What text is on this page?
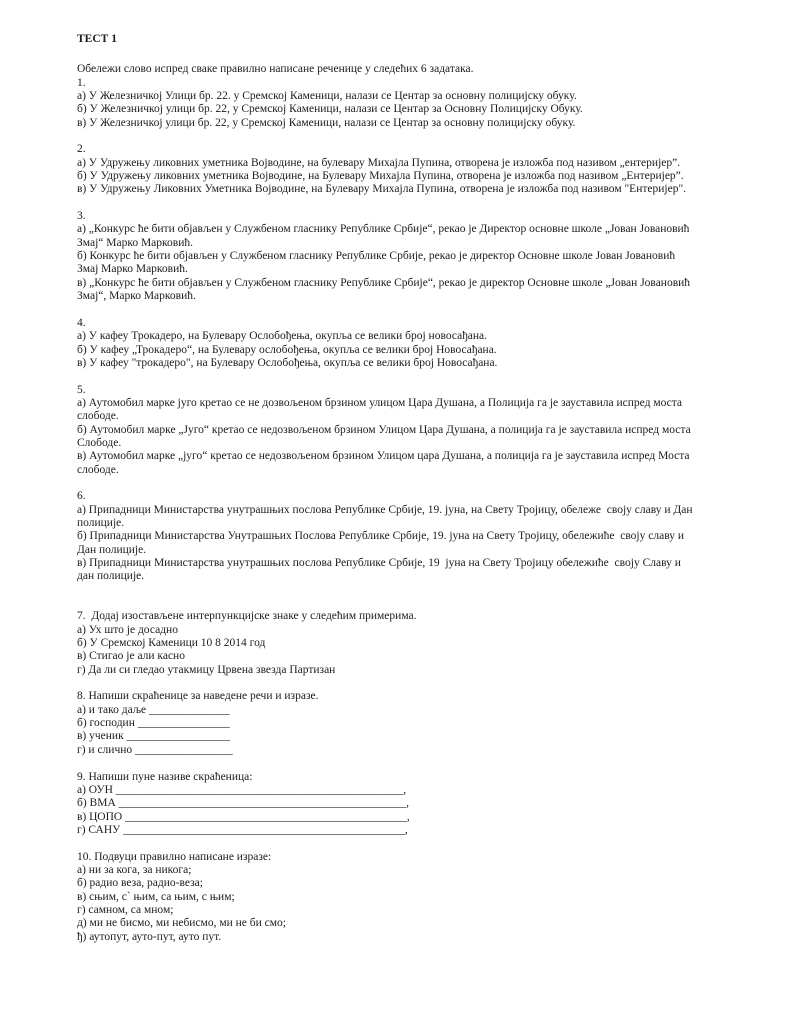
ТЕСТ 1
Обележи слово испред сваке правилно написане реченице у следећих 6 задатака.
1.
а) У Железничкој Улици бр. 22. у Сремској Каменици, налази се Центар за основну полицијску обуку.
б) У Железничкој улици бр. 22, у Сремској Каменици, налази се Центар за Основну Полицијску Обуку.
в) У Железничкој улици бр. 22, у Сремској Каменици, налази се Центар за основну полицијску обуку.
2.
а) У Удружењу ликовних уметника Војводине, на булевару Михајла Пупина, отворена је изложба под називом „ентеријер”.
б) У Удружењу ликовних уметника Војводине, на Булевару Михајла Пупина, отворена је изложба под називом „Ентеријер”.
в) У Удружењу Ликовних Уметника Војводине, на Булевару Михајла Пупина, отворена је изложба под називом "Ентеријер".
3.
а) „Конкурс ће бити објављен у Службеном гласнику Републике Србије“, рекао је Директор основне школе „Јован Јовановић
Змај“ Марко Марковић.
б) Конкурс ће бити објављен у Службеном гласнику Републике Србије, рекао је директор Основне школе Јован Јовановић
Змај Марко Марковић.
в) „Конкурс ће бити објављен у Службеном гласнику Републике Србије“, рекао је директор Основне школе „Јован Јовановић
Змај“, Марко Марковић.
4.
а) У кафеу Трокадеро, на Булевару Ослобођења, окупља се велики број новосађана.
б) У кафеу „Трокадеро“, на Булевару ослобођења, окупља се велики број Новосађана.
в) У кафеу "трокадеро", на Булевару Ослобођења, окупља се велики број Новосађана.
5.
а) Аутомобил марке југо кретао се не дозвољеном брзином улицом Цара Душана, а Полиција га је зауставила испред моста
слободе.
б) Аутомобил марке „Југо“ кретао се недозвољеном брзином Улицом Цара Душана, а полиција га је зауставила испред моста
Слободе.
в) Аутомобил марке „југо“ кретао се недозвољеном брзином Улицом цара Душана, а полиција га је зауставила испред Моста
слободе.
6.
а) Припадници Министарства унутрашњих послова Републике Србије, 19. јуна, на Свету Тројицу, обележе  своју славу и Дан
полиције.
б) Припадници Министарства Унутрашњих Послова Републике Србије, 19. јуна на Свету Тројицу, обележиће  своју славу и
Дан полиције.
в) Припадници Министарства унутрашњих послова Републике Србије, 19  јуна на Свету Тројицу обележиће  своју Славу и
дан полиције.
7.  Додај изостављене интерпункцијске знаке у следећим примерима.
а) Ух што је досадно
б) У Сремској Каменици 10 8 2014 год
в) Стигао је али касно
г) Да ли си гледао утакмицу Црвена звезда Партизан
8. Напиши скраћенице за наведене речи и изразе.
а) и тако даље ______________
б) господин ________________
в) ученик __________________
г) и слично _________________
9. Напиши пуне називе скраћеница:
а) ОУН __________________________________________________,
б) ВМА __________________________________________________,
в) ЦОПО _________________________________________________,
г) САНУ _________________________________________________,
10. Подвуци правилно написане изразе:
а) ни за кога, за никога;
б) радио веза, радио-веза;
в) сњим, с` њим, са њим, с њим;
г) самном, са мном;
д) ми не бисмо, ми небисмо, ми не би смо;
ђ) аутопут, ауто-пут, ауто пут.
